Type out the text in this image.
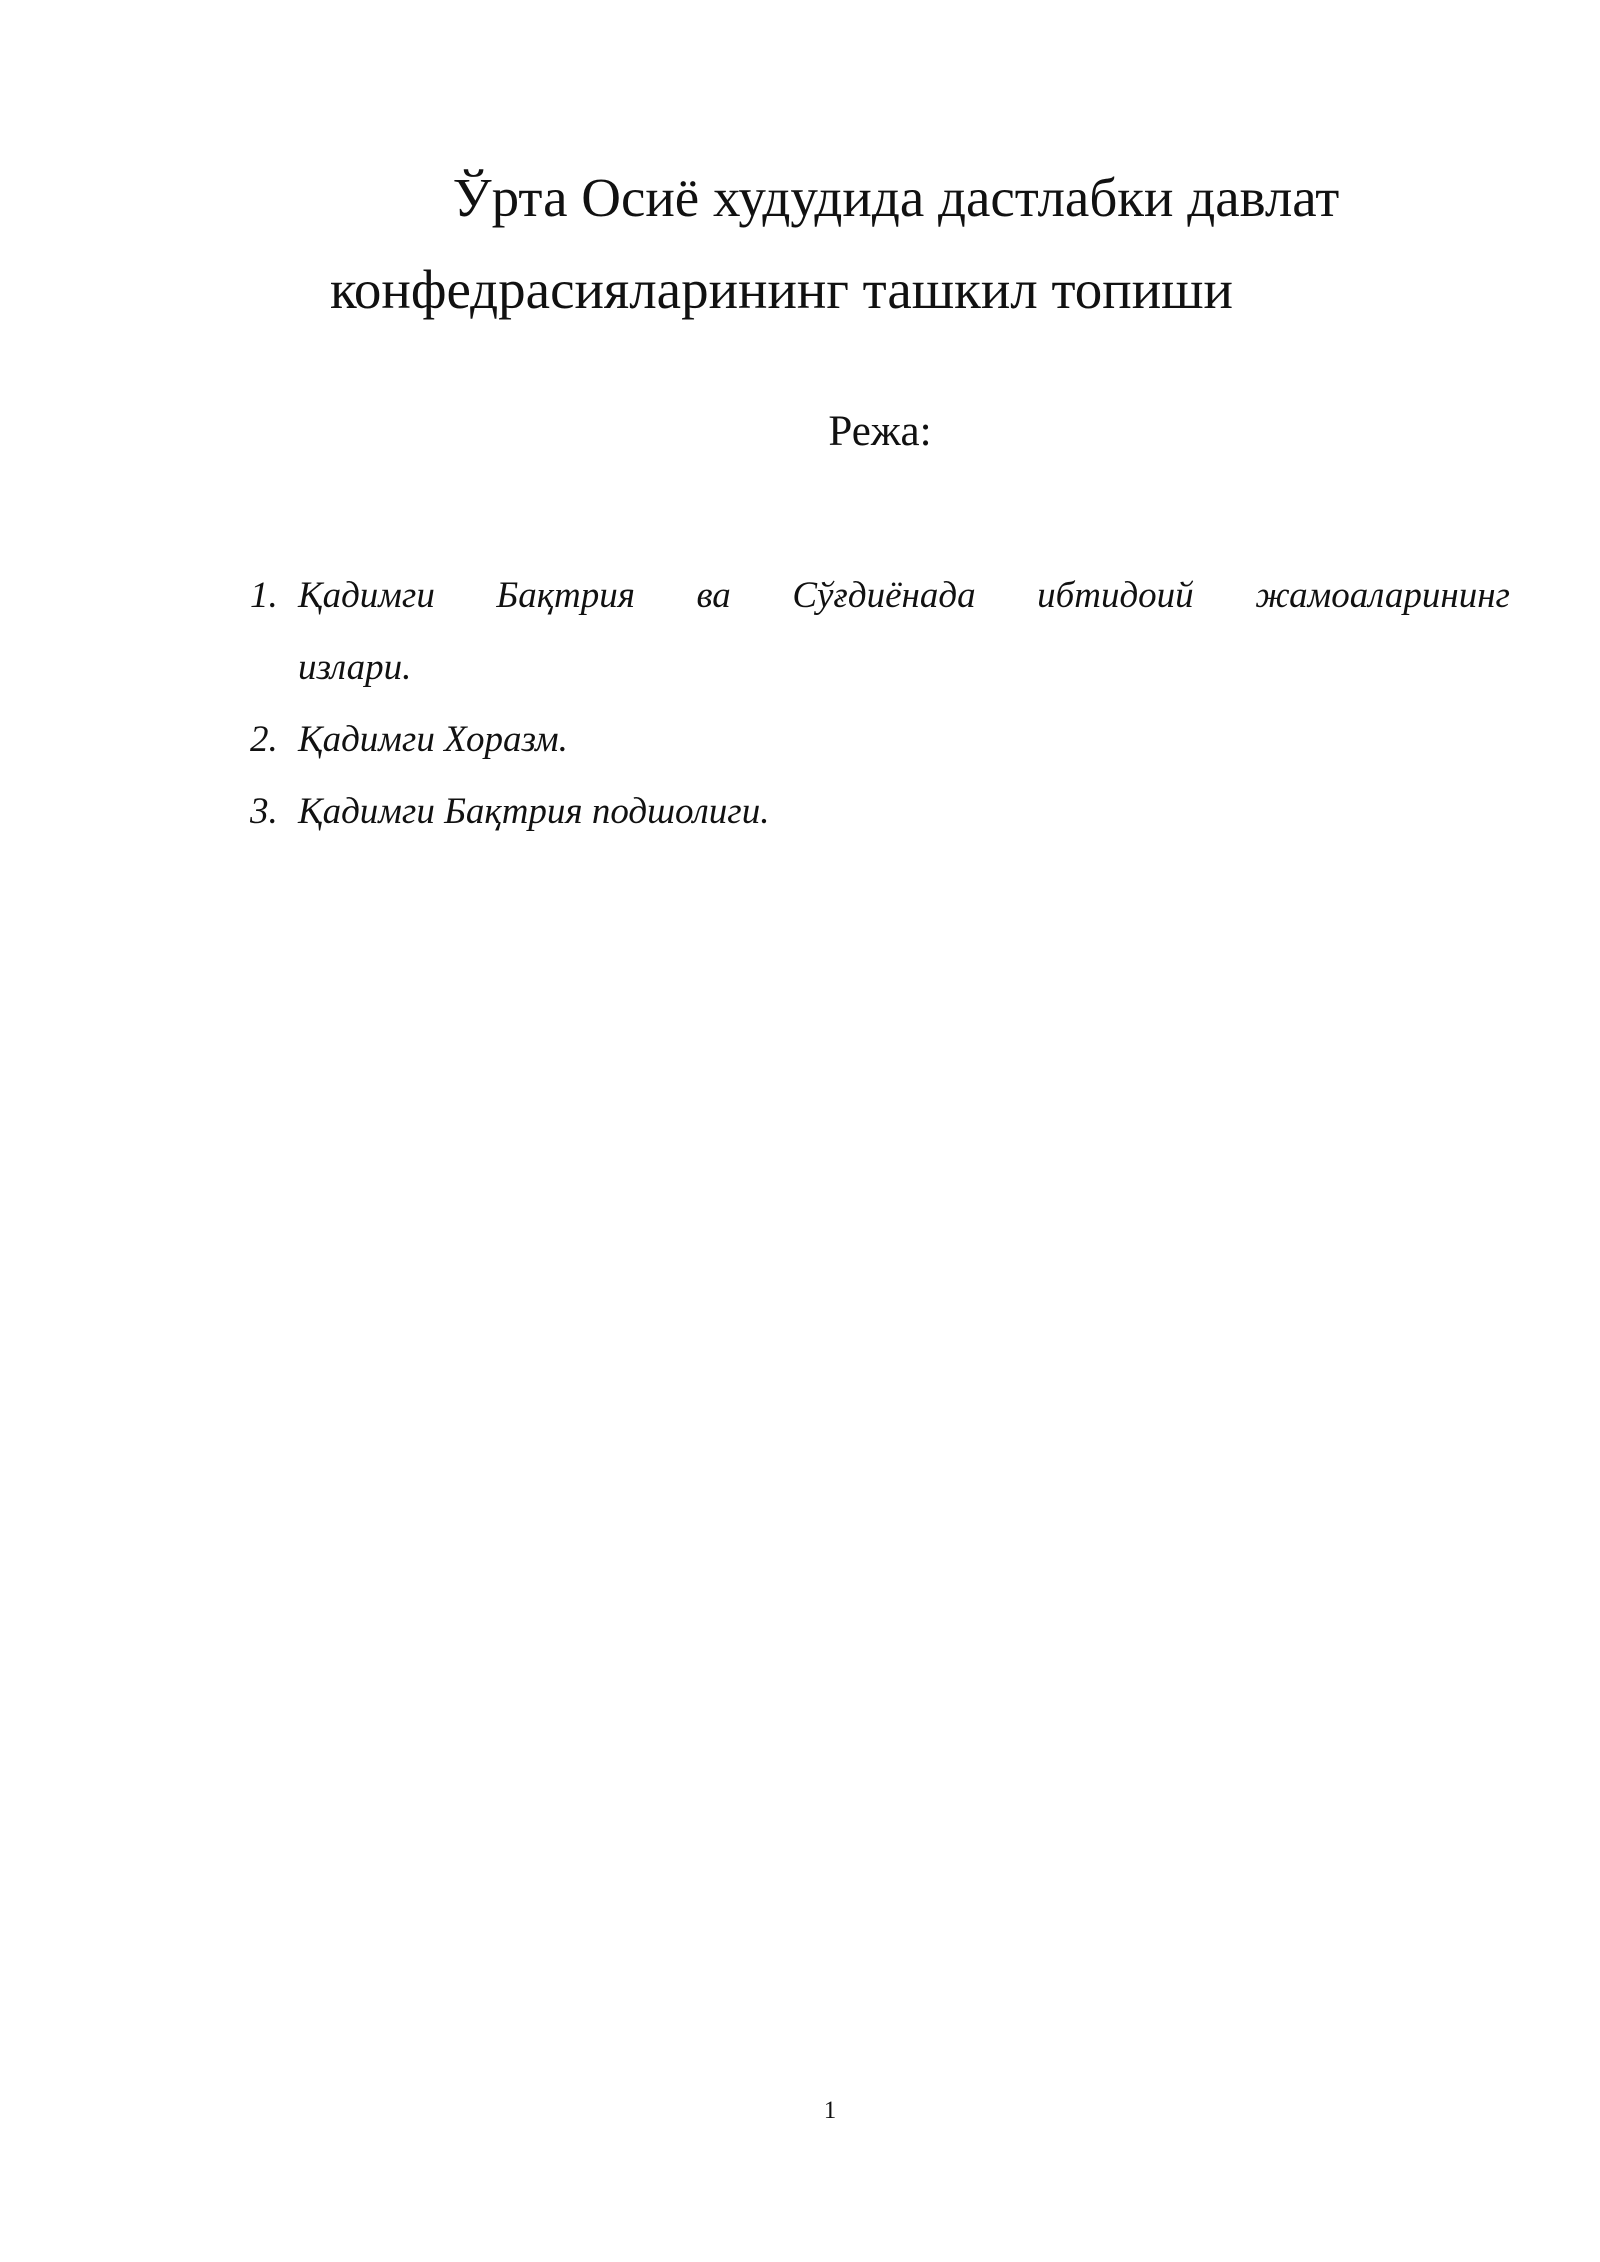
Ўрта Осиё худудида дастлабки давлат
конфедрасияларининг ташкил топиши
Режа:
1. Қадимги Бақтрия ва Сўғдиёнада ибтидоий жамоаларининг
излари.
2. Қадимги Хоразм.
3. Қадимги Бақтрия подшолиги.
1
